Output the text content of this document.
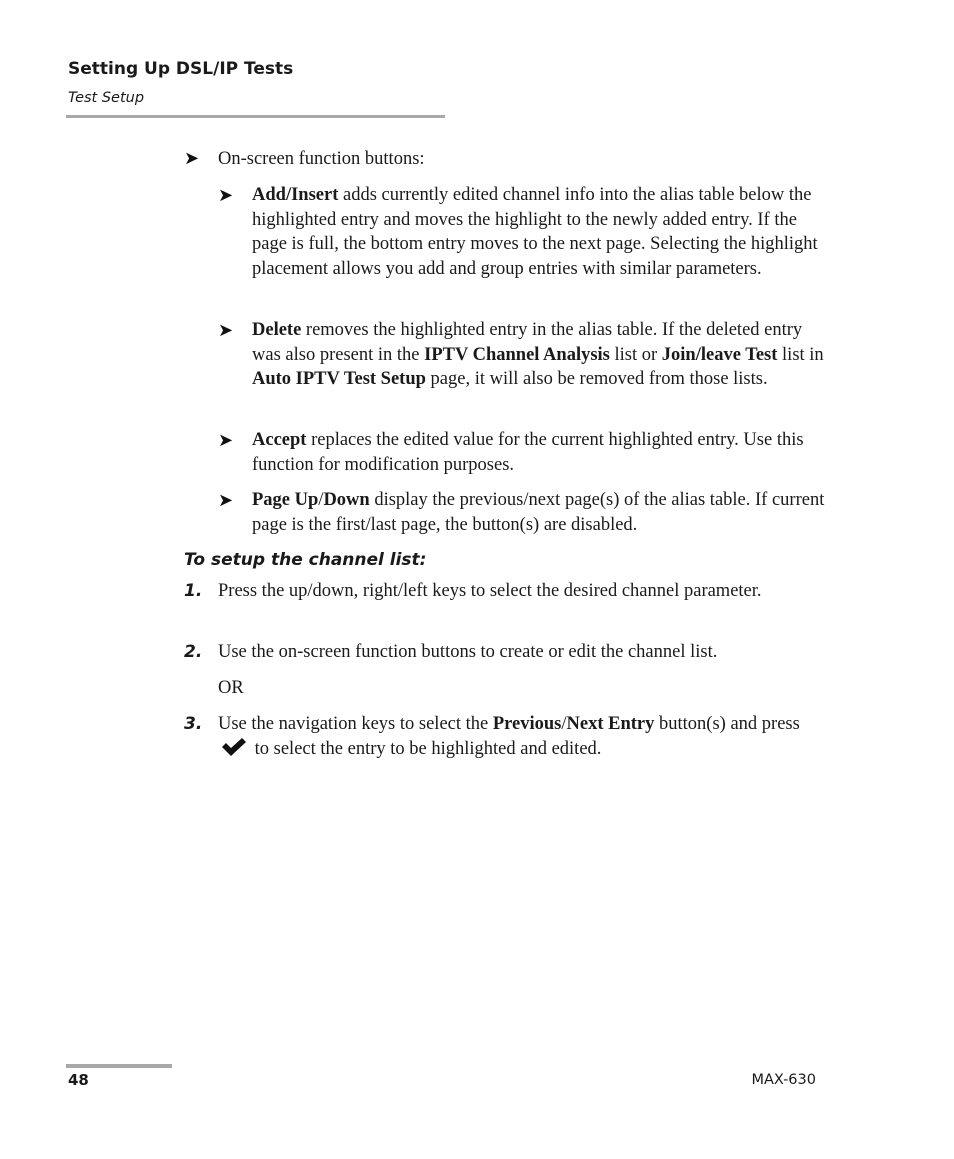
Setting Up DSL/IP Tests
Test Setup
➤ On-screen function buttons:

➤ Add/Insert adds currently edited channel info into the alias table below the highlighted entry and moves the highlight to the newly added entry. If the page is full, the bottom entry moves to the next page. Selecting the highlight placement allows you add and group entries with similar parameters.

➤ Delete removes the highlighted entry in the alias table. If the deleted entry was also present in the IPTV Channel Analysis list or Join/leave Test list in Auto IPTV Test Setup page, it will also be removed from those lists.

➤ Accept replaces the edited value for the current highlighted entry. Use this function for modification purposes.

➤ Page Up/Down display the previous/next page(s) of the alias table. If current page is the first/last page, the button(s) are disabled.

To setup the channel list:
1. Press the up/down, right/left keys to select the desired channel parameter.

2. Use the on-screen function buttons to create or edit the channel list.

OR

3. Use the navigation keys to select the Previous/Next Entry button(s) and press  to select the entry to be highlighted and edited.

48	MAX-630
